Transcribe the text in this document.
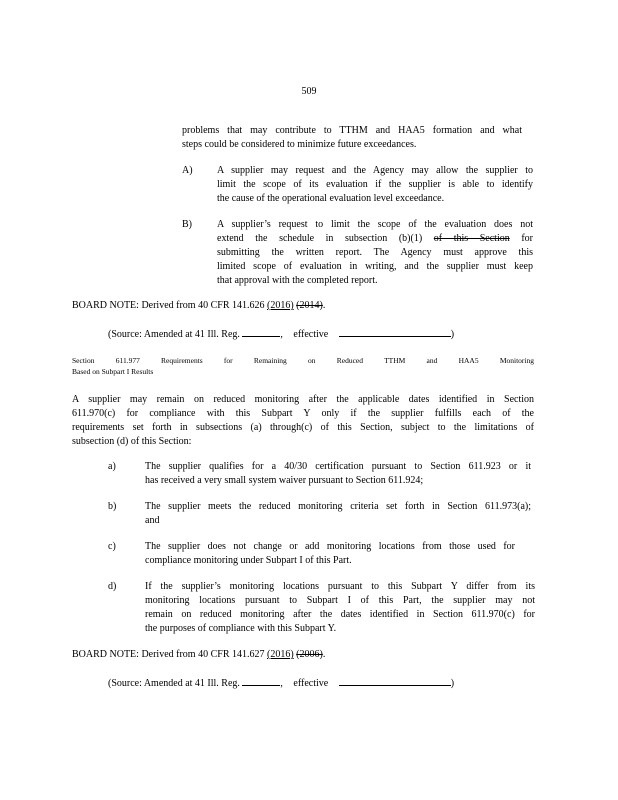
509
problems that may contribute to TTHM and HAA5 formation and what
steps could be considered to minimize future exceedances.
A) A supplier may request and the Agency may allow the supplier to
limit the scope of its evaluation if the supplier is able to identify
the cause of the operational evaluation level exceedance.
B)	A supplier’s request to limit the scope of the evaluation does not
extend the schedule in subsection (b)(1) of this Section for
submitting the written report. The Agency must approve this
limited scope of evaluation in writing, and the supplier must keep
that approval with the completed report.
BOARD NOTE: Derived from 40 CFR 141.626 (2016) (2014).
(Source: Amended at 41 Ill. Reg.	, effective	)
Section 611.977 Requirements for Remaining on Reduced TTHM and HAA5 Monitoring
Based on Subpart I Results
A supplier may remain on reduced monitoring after the applicable dates identified in Section
611.970(c) for compliance with this Subpart Y only if the supplier fulfills each of the
requirements set forth in subsections (a) through(c) of this Section, subject to the limitations of
subsection (d) of this Section:
a)	The supplier qualifies for a 40/30 certification pursuant to Section 611.923 or it
has received a very small system waiver pursuant to Section 611.924;
b)	The supplier meets the reduced monitoring criteria set forth in Section 611.973(a);
and
c)	The supplier does not change or add monitoring locations from those used for
compliance monitoring under Subpart I of this Part.
d)	If the supplier’s monitoring locations pursuant to this Subpart Y differ from its
monitoring locations pursuant to Subpart I of this Part, the supplier may not
remain on reduced monitoring after the dates identified in Section 611.970(c) for
the purposes of compliance with this Subpart Y.
BOARD NOTE: Derived from 40 CFR 141.627 (2016) (2006).
(Source: Amended at 41 Ill. Reg.	, effective	)
